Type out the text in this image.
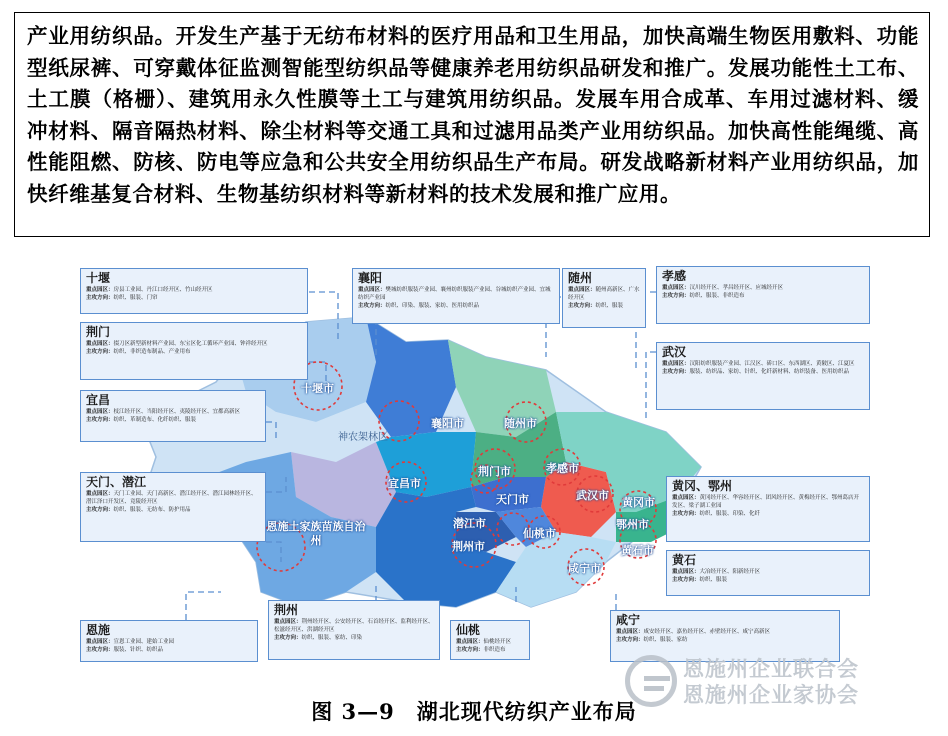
产业用纺织品。开发生产基于无纺布材料的医疗用品和卫生用品，加快高端生物医用敷料、功能型纸尿裤、可穿戴体征监测智能型纺织品等健康养老用纺织品研发和推广。发展功能性土工布、土工膜（格栅）、建筑用永久性膜等土工与建筑用纺织品。发展车用合成革、车用过滤材料、缓冲材料、隔音隔热材料、除尘材料等交通工具和过滤用品类产业用纺织品。加快高性能绳缆、高性能阻燃、防核、防电等应急和公共安全用纺织品生产布局。研发战略新材料产业用纺织品，加快纤维基复合材料、生物基纺织材料等新材料的技术发展和推广应用。
十堰市
襄阳市	随州市
神农架林区
荆门市	孝感市
宜昌市
天门市	武汉市
黄冈市
潜江市
仙桃市
鄂州市
荆州市	黄石市
恩施土家族苗族自治州
咸宁市
十堰
重点园区：房县工业园、丹江口经开区、竹山经开区
主攻方向：纺织、服装、门帘
荆门
重点园区：掇刀区新型新材料产业园、东宝区化工循环产业园、钟祥经开区
主攻方向：纺织、非织造布制品、产业用布
宜昌
重点园区：枝江经开区、当阳经开区、夷陵经开区、宜都高新区
主攻方向：纺织、革制造布、化纤纺织、服装
天门、潜江
重点园区：天门工业园、天门高新区、潜江经开区、潜江园林经开区、潜江泽口开发区、竟陵经开区
主攻方向：纺织、服装、无纺布、防护用品
恩施
重点园区：宣恩工业园、建始工业园
主攻方向：服装、针织、纺织品
襄阳
重点园区：樊城纺织服装产业园、襄州纺织服装产业园、谷城纺织产业园、宜城纺织产业园
主攻方向：纺织、印染、服装、家纺、医用纺织品
随州
重点园区：随州高新区、广水经开区
主攻方向：纺织、服装
孝感
重点园区：汉川经开区、孝昌经开区、应城经开区
主攻方向：纺织、服装、非织造布
武汉
重点园区：汉阳纺织服装产业园、江汉区、硚口区、东西湖区、黄陂区、江夏区
主攻方向：服装、纺织品、家纺、针织、化纤新材料、纺织装备、医用纺织品
黄冈、鄂州
重点园区：黄冈经开区、华容经开区、团风经开区、黄梅经开区、鄂州葛店开发区、梁子湖工业园
主攻方向：纺织、服装、印染、化纤
黄石
重点园区：大冶经开区、阳新经开区
主攻方向：纺织、服装
荆州
重点园区：荆州经开区、公安经开区、石首经开区、监利经开区、松滋经开区、洪湖经开区
主攻方向：纺织、服装、家纺、印染
仙桃
重点园区：仙桃经开区
主攻方向：非织造布
咸宁
重点园区：咸安经开区、嘉鱼经开区、赤壁经开区、咸宁高新区
主攻方向：纺织、服装、家纺
恩施州企业联合会
恩施州企业家协会
图 3—9　湖北现代纺织产业布局
